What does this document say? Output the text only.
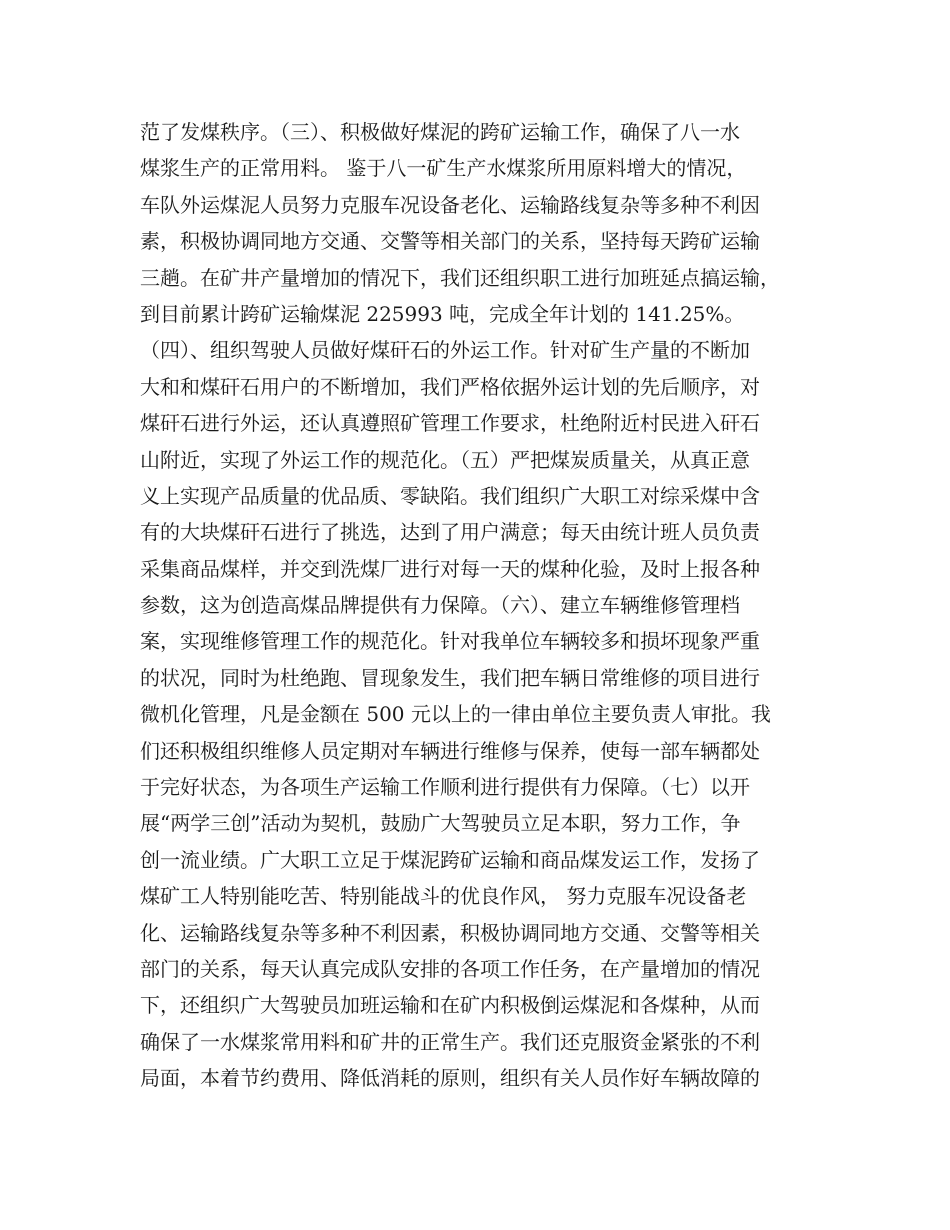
范了发煤秩序。（三）、积极做好煤泥的跨矿运输工作，确保了八一水
煤浆生产的正常用料。 鉴于八一矿生产水煤浆所用原料增大的情况，
车队外运煤泥人员努力克服车况设备老化、运输路线复杂等多种不利因
素，积极协调同地方交通、交警等相关部门的关系，坚持每天跨矿运输
三趟。在矿井产量增加的情况下，我们还组织职工进行加班延点搞运输，
到目前累计跨矿运输煤泥 225993 吨，完成全年计划的 141.25%。
（四）、组织驾驶人员做好煤矸石的外运工作。针对矿生产量的不断加
大和和煤矸石用户的不断增加，我们严格依据外运计划的先后顺序，对
煤矸石进行外运，还认真遵照矿管理工作要求，杜绝附近村民进入矸石
山附近，实现了外运工作的规范化。（五）严把煤炭质量关，从真正意
义上实现产品质量的优品质、零缺陷。我们组织广大职工对综采煤中含
有的大块煤矸石进行了挑选，达到了用户满意；每天由统计班人员负责
采集商品煤样，并交到洗煤厂进行对每一天的煤种化验，及时上报各种
参数，这为创造高煤品牌提供有力保障。（六）、建立车辆维修管理档
案，实现维修管理工作的规范化。针对我单位车辆较多和损坏现象严重
的状况，同时为杜绝跑、冒现象发生，我们把车辆日常维修的项目进行
微机化管理，凡是金额在 500 元以上的一律由单位主要负责人审批。我
们还积极组织维修人员定期对车辆进行维修与保养，使每一部车辆都处
于完好状态，为各项生产运输工作顺利进行提供有力保障。（七）以开
展“两学三创”活动为契机，鼓励广大驾驶员立足本职，努力工作，争
创一流业绩。广大职工立足于煤泥跨矿运输和商品煤发运工作，发扬了
煤矿工人特别能吃苦、特别能战斗的优良作风， 努力克服车况设备老
化、运输路线复杂等多种不利因素，积极协调同地方交通、交警等相关
部门的关系，每天认真完成队安排的各项工作任务，在产量增加的情况
下，还组织广大驾驶员加班运输和在矿内积极倒运煤泥和各煤种，从而
确保了一水煤浆常用料和矿井的正常生产。我们还克服资金紧张的不利
局面，本着节约费用、降低消耗的原则，组织有关人员作好车辆故障的
